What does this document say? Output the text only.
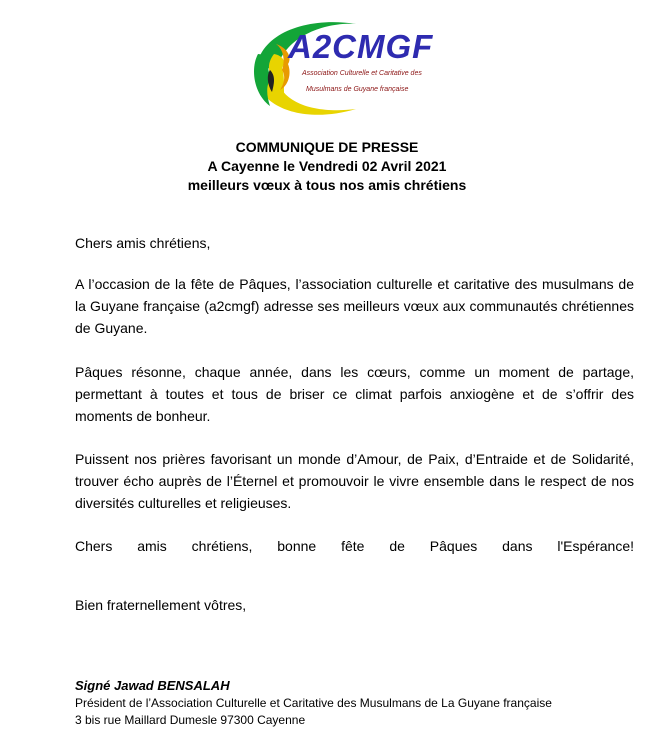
A2CMGF
Association Culturelle et Caritative des
Musulmans de Guyane française
COMMUNIQUE DE PRESSE
A Cayenne le Vendredi 02 Avril 2021
meilleurs vœux à tous nos amis chrétiens
Chers amis chrétiens,
A l’occasion de la fête de Pâques, l’association culturelle et caritative des musulmans de la Guyane française (a2cmgf) adresse ses meilleurs vœux aux communautés chrétiennes de Guyane.
Pâques résonne, chaque année, dans les cœurs, comme un moment de partage, permettant à toutes et tous de briser ce climat parfois anxiogène et de s’offrir des moments de bonheur.
Puissent nos prières favorisant un monde d’Amour, de Paix, d’Entraide et de Solidarité, trouver écho auprès de l’Éternel et promouvoir le vivre ensemble dans le respect de nos diversités culturelles et religieuses.
Chers amis chrétiens, bonne fête de Pâques dans l'Espérance!
Bien fraternellement vôtres,
Signé Jawad BENSALAH
Président de l’Association Culturelle et Caritative des Musulmans de La Guyane française
3 bis rue Maillard Dumesle 97300 Cayenne
